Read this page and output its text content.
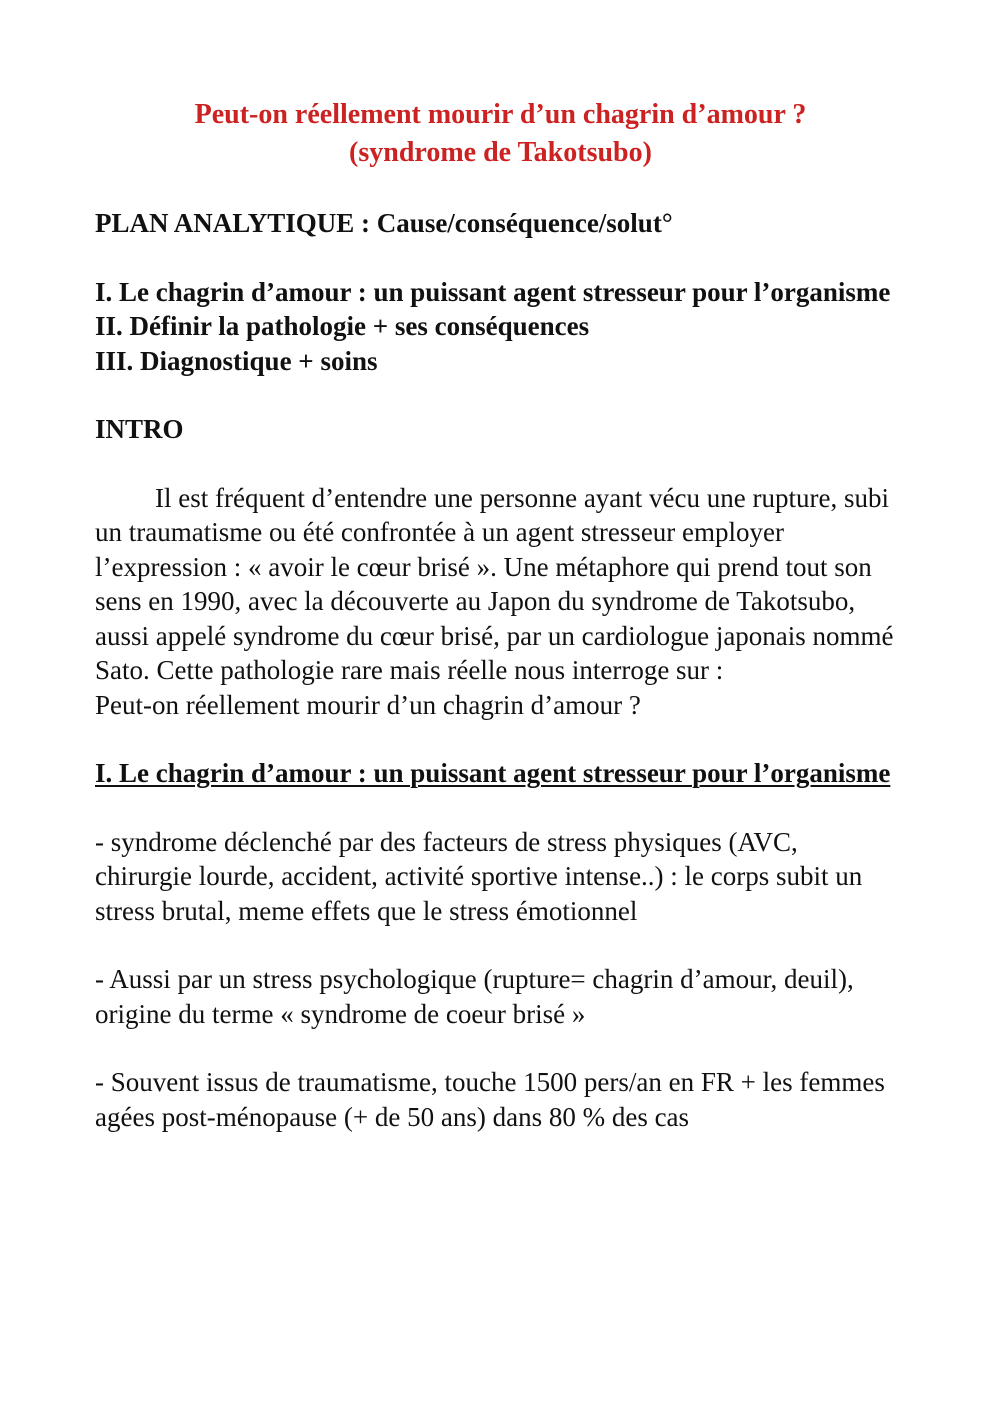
Peut-on réellement mourir d’un chagrin d’amour ?
(syndrome de Takotsubo)
PLAN ANALYTIQUE : Cause/conséquence/solut°
I. Le chagrin d’amour : un puissant agent stresseur pour l’organisme
II. Définir la pathologie + ses conséquences
III. Diagnostique + soins
INTRO
Il est fréquent d’entendre une personne ayant vécu une rupture, subi un traumatisme ou été confrontée à un agent stresseur employer l’expression : « avoir le cœur brisé ». Une métaphore qui prend tout son sens en 1990, avec la découverte au Japon du syndrome de Takotsubo, aussi appelé syndrome du cœur brisé, par un cardiologue japonais nommé Sato. Cette pathologie rare mais réelle nous interroge sur :
Peut-on réellement mourir d’un chagrin d’amour ?
I. Le chagrin d’amour : un puissant agent stresseur pour l’organisme
- syndrome déclenché par des facteurs de stress physiques (AVC, chirurgie lourde, accident, activité sportive intense..) : le corps subit un stress brutal, meme effets que le stress émotionnel
- Aussi par un stress psychologique (rupture= chagrin d’amour, deuil), origine du terme « syndrome de coeur brisé »
- Souvent issus de traumatisme, touche 1500 pers/an en FR + les femmes agées post-ménopause (+ de 50 ans) dans 80 % des cas
